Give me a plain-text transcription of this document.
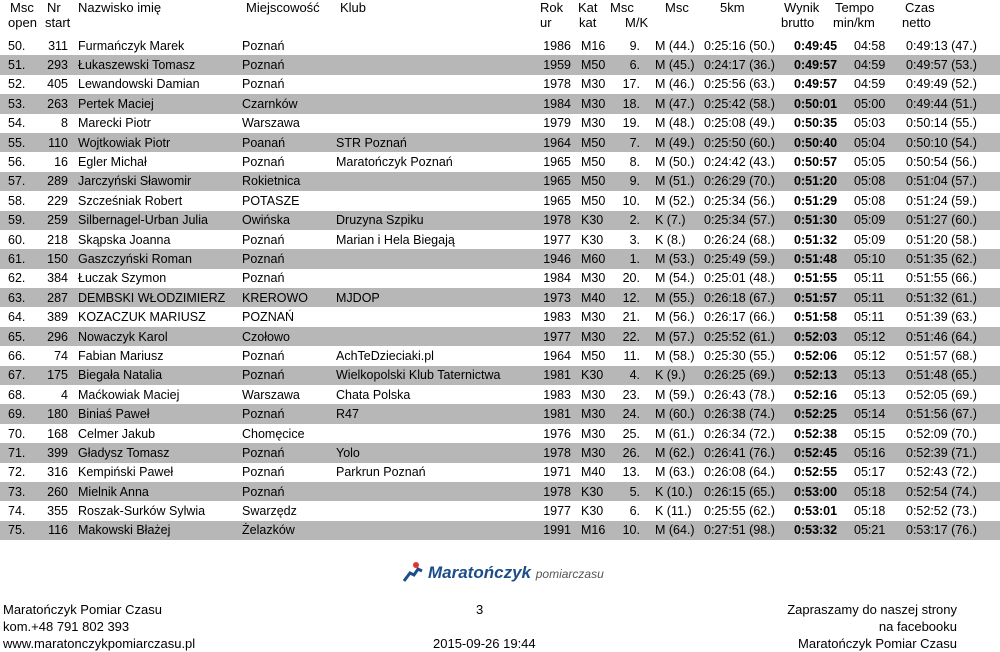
Msc Nr Nazwisko imię	Miejscowość Klub	Rok Kat Msc Msc 5km	Wynik Tempo Czas
open start	ur kat M/K	brutto min/km netto
50.	311	Furmańczyk Marek	Poznań		1986	M16	9.	M (44.)	0:25:16 (50.)	0:49:45	04:58	0:49:13 (47.)
51.	293	Łukaszewski Tomasz	Poznań		1959	M50	6.	M (45.)	0:24:17 (36.)	0:49:57	04:59	0:49:57 (53.)
52.	405	Lewandowski Damian	Poznań		1978	M30	17.	M (46.)	0:25:56 (63.)	0:49:57	04:59	0:49:49 (52.)
53.	263	Pertek Maciej	Czarnków		1984	M30	18.	M (47.)	0:25:42 (58.)	0:50:01	05:00	0:49:44 (51.)
54.	8	Marecki Piotr	Warszawa		1979	M30	19.	M (48.)	0:25:08 (49.)	0:50:35	05:03	0:50:14 (55.)
55.	110	Wojtkowiak Piotr	Poanań	STR Poznań	1964	M50	7.	M (49.)	0:25:50 (60.)	0:50:40	05:04	0:50:10 (54.)
56.	16	Egler Michał	Poznań	Maratończyk Poznań	1965	M50	8.	M (50.)	0:24:42 (43.)	0:50:57	05:05	0:50:54 (56.)
57.	289	Jarczyński Sławomir	Rokietnica		1965	M50	9.	M (51.)	0:26:29 (70.)	0:51:20	05:08	0:51:04 (57.)
58.	229	Szcześniak Robert	POTASZE		1965	M50	10.	M (52.)	0:25:34 (56.)	0:51:29	05:08	0:51:24 (59.)
59.	259	Silbernagel-Urban Julia	Owińska	Druzyna Szpiku	1978	K30	2.	K (7.)	0:25:34 (57.)	0:51:30	05:09	0:51:27 (60.)
60.	218	Skąpska Joanna	Poznań	Marian i Hela Biegają	1977	K30	3.	K (8.)	0:26:24 (68.)	0:51:32	05:09	0:51:20 (58.)
61.	150	Gaszczyński Roman	Poznań		1946	M60	1.	M (53.)	0:25:49 (59.)	0:51:48	05:10	0:51:35 (62.)
62.	384	Łuczak Szymon	Poznań		1984	M30	20.	M (54.)	0:25:01 (48.)	0:51:55	05:11	0:51:55 (66.)
63.	287	DEMBSKI WŁODZIMIERZ	KREROWO	MJDOP	1973	M40	12.	M (55.)	0:26:18 (67.)	0:51:57	05:11	0:51:32 (61.)
64.	389	KOZACZUK MARIUSZ	POZNAŃ		1983	M30	21.	M (56.)	0:26:17 (66.)	0:51:58	05:11	0:51:39 (63.)
65.	296	Nowaczyk Karol	Czołowo		1977	M30	22.	M (57.)	0:25:52 (61.)	0:52:03	05:12	0:51:46 (64.)
66.	74	Fabian Mariusz	Poznań	AchTeDzieciaki.pl	1964	M50	11.	M (58.)	0:25:30 (55.)	0:52:06	05:12	0:51:57 (68.)
67.	175	Biegała Natalia	Poznań	Wielkopolski Klub Taternictwa	1981	K30	4.	K (9.)	0:26:25 (69.)	0:52:13	05:13	0:51:48 (65.)
68.	4	Maćkowiak Maciej	Warszawa	Chata Polska	1983	M30	23.	M (59.)	0:26:43 (78.)	0:52:16	05:13	0:52:05 (69.)
69.	180	Biniaś Paweł	Poznań	R47	1981	M30	24.	M (60.)	0:26:38 (74.)	0:52:25	05:14	0:51:56 (67.)
70.	168	Celmer Jakub	Chomęcice		1976	M30	25.	M (61.)	0:26:34 (72.)	0:52:38	05:15	0:52:09 (70.)
71.	399	Gładysz Tomasz	Poznań	Yolo	1978	M30	26.	M (62.)	0:26:41 (76.)	0:52:45	05:16	0:52:39 (71.)
72.	316	Kempiński Paweł	Poznań	Parkrun Poznań	1971	M40	13.	M (63.)	0:26:08 (64.)	0:52:55	05:17	0:52:43 (72.)
73.	260	Mielnik Anna	Poznań		1978	K30	5.	K (10.)	0:26:15 (65.)	0:53:00	05:18	0:52:54 (74.)
74.	355	Roszak-Surków Sylwia	Swarzędz		1977	K30	6.	K (11.)	0:25:55 (62.)	0:53:01	05:18	0:52:52 (73.)
75.	116	Makowski Błażej	Żelazków		1991	M16	10.	M (64.)	0:27:51 (98.)	0:53:32	05:21	0:53:17 (76.)
Maratończyk pomiarczasu
Maratończyk Pomiar Czasu
kom.+48 791 802 393
www.maratonczykpomiarczasu.pl
3
2015-09-26 19:44
Zapraszamy do naszej strony
na facebooku
Maratończyk Pomiar Czasu
